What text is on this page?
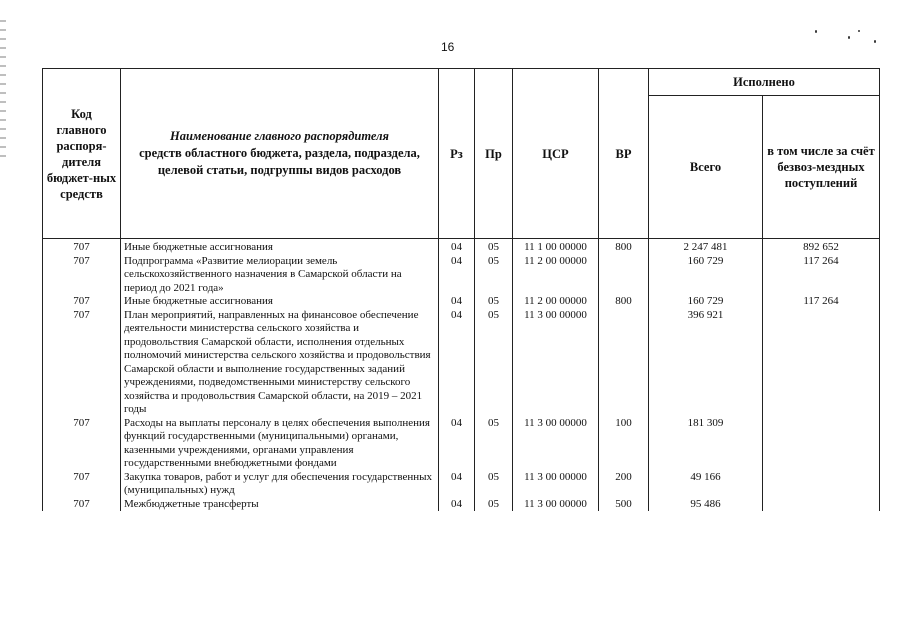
16
Код главного распоря-дителя бюджет-ных средств	Наименование главного распорядителя
средств областного бюджета, раздела, подраздела, целевой статьи, подгруппы видов расходов	Рз	Пр	ЦСР	ВР	Исполнено	
						Всего	в том числе за счёт безвоз-мездных поступлений
707	Иные бюджетные ассигнования	04	05	11 1 00 00000	800	2 247 481	892 652
707	Подпрограмма «Развитие мелиорации земель сельскохозяйственного назначения в Самарской области на период до 2021 года»	04	05	11 2 00 00000		160 729	117 264
707	Иные бюджетные ассигнования	04	05	11 2 00 00000	800	160 729	117 264
707	План мероприятий, направленных на финансовое обеспечение деятельности министерства сельского хозяйства и продовольствия Самарской области, исполнения отдельных полномочий министерства сельского хозяйства и продовольствия Самарской области и выполнение государственных заданий учреждениями, подведомственными министерству сельского хозяйства и продовольствия Самарской области, на 2019 – 2021 годы	04	05	11 3 00 00000		396 921	
707	Расходы на выплаты персоналу в целях обеспечения выполнения функций государственными (муниципальными) органами, казенными учреждениями, органами управления государственными внебюджетными фондами	04	05	11 3 00 00000	100	181 309	
707	Закупка товаров, работ и услуг для обеспечения государственных (муниципальных) нужд	04	05	11 3 00 00000	200	49 166	
707	Межбюджетные трансферты	04	05	11 3 00 00000	500	95 486	
